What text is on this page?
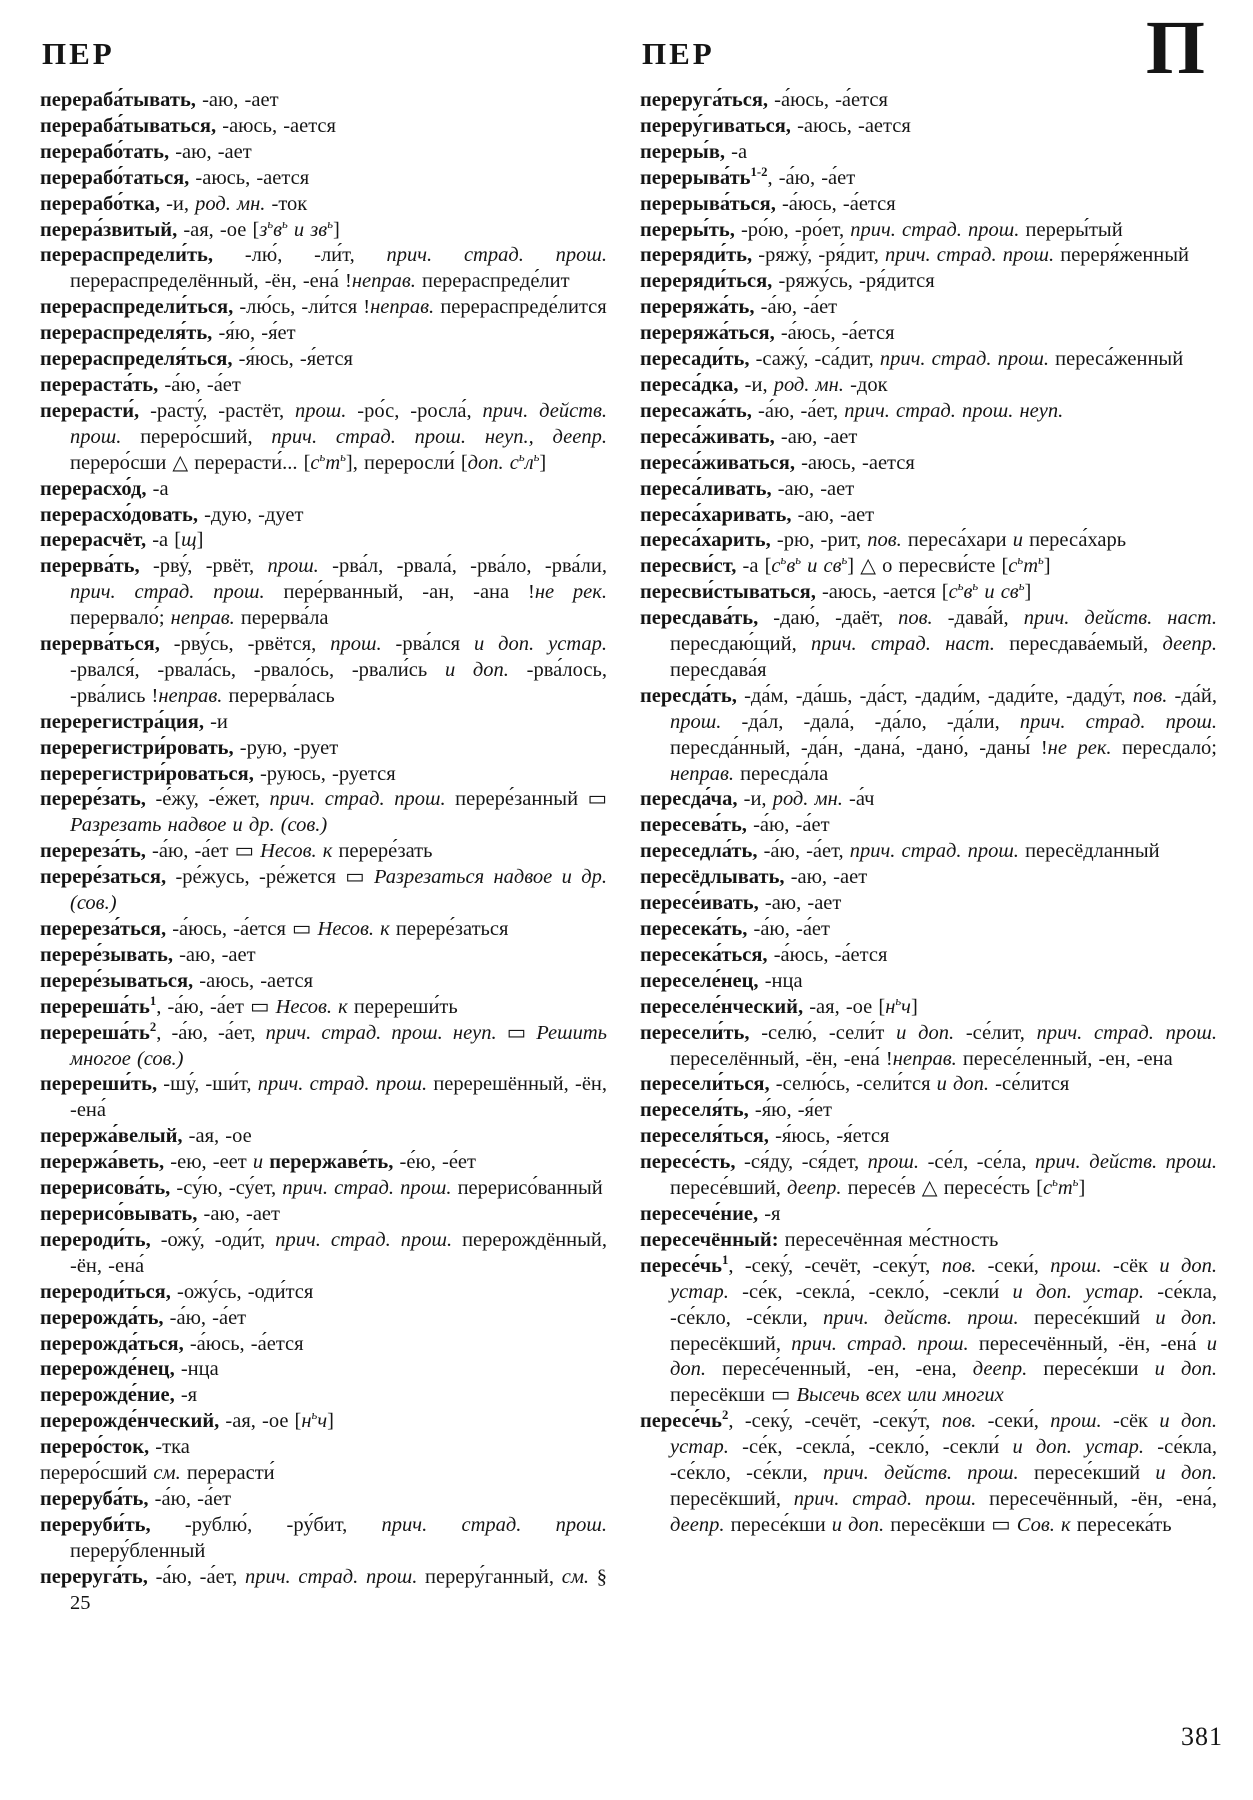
ПЕР	ПЕР	П

перераба́тывать, -аю, -ает

перераба́тываться, -аюсь, -ается

перерабо́тать, -аю, -ает

перерабо́таться, -аюсь, -ается

перерабо́тка, -и, род. мн. -ток

перера́звитый, -ая, -ое [$з^ьв^ь$ и $зв^ь$]

перераспредели́ть, -лю́, -ли́т, прич. страд. прош. перераспределённый, -ён, -ена́ !неправ. перераспреде́лит

перераспредели́ться, -лю́сь, -ли́тся !неправ. перераспреде́лится

перераспределя́ть, -я́ю, -я́ет

перераспределя́ться, -я́юсь, -я́ется

перераста́ть, -а́ю, -а́ет

перерасти́, -расту́, -растёт, прош. -ро́с, -росла́, прич. действ. прош. переро́сший, прич. страд. прош. неуп., деепр. переро́сши △ перерасти́... $[с^ьт^ь]$, переросли́ [доп. $с^ьл^ь$]

перерасхо́д, -а

перерасхо́довать, -дую, -дует

перерасчёт, -а [щ]

перерва́ть, -рву́, -рвёт, прош. -рва́л, -рвала́, -рва́ло, -рва́ли, прич. страд. прош. пере́рванный, -ан, -ана !не рек. перервало́; неправ. перерва́ла

перерва́ться, -рву́сь, -рвётся, прош. -рва́лся и доп. устар. -рвался́, -рвала́сь, -рвало́сь, -рвали́сь и доп. -рва́лось, -рва́лись !неправ. перерва́лась

перерегистра́ция, -и

перерегистри́ровать, -рую, -рует

перерегистри́роваться, -руюсь, -руется

перере́зать, -е́жу, -е́жет, прич. страд. прош. перере́занный ▭ Разрезать надвое и др. (сов.)

перереза́ть, -а́ю, -а́ет ▭ Несов. к перере́зать

перере́заться, -ре́жусь, -ре́жется ▭ Разрезаться надвое и др. (сов.)

перереза́ться, -а́юсь, -а́ется ▭ Несов. к перере́заться

перере́зывать, -аю, -ает

перере́зываться, -аюсь, -ается

$перереша́ть^1$, -а́ю, -а́ет ▭ Несов. к перереши́ть

$перереша́ть^2$, -а́ю, -а́ет, прич. страд. прош. неуп. ▭ Решить многое (сов.)

перереши́ть, -шу́, -ши́т, прич. страд. прош. перерешённый, -ён, -ена́

перержа́велый, -ая, -ое

перержа́веть, -ею, -еет и перержаве́ть, -е́ю, -е́ет

перерисова́ть, -су́ю, -су́ет, прич. страд. прош. перерисо́ванный

перерисо́вывать, -аю, -ает

перероди́ть, -ожу́, -оди́т, прич. страд. прош. перерождённый, -ён, -ена́

перероди́ться, -ожу́сь, -оди́тся

перерожда́ть, -а́ю, -а́ет

перерожда́ться, -а́юсь, -а́ется

перерожде́нец, -нца

перерожде́ние, -я

перерожде́нческий, -ая, -ое $[н^ьч]$

переро́сток, -тка

переро́сший см. перерасти́

переруба́ть, -а́ю, -а́ет

переруби́ть, -рублю́, -ру́бит, прич. страд. прош. переру́бленный

переруга́ть, -а́ю, -а́ет, прич. страд. прош. переру́ганный, см. § 25

переруга́ться, -а́юсь, -а́ется

переру́гиваться, -аюсь, -ается

переры́в, -а

$перерыва́ть^{1-2}$, -а́ю, -а́ет

перерыва́ться, -а́юсь, -а́ется

переры́ть, -ро́ю, -ро́ет, прич. страд. прош. переры́тый

переряди́ть, -ряжу́, -ря́дит, прич. страд. прош. переря́женный

переряди́ться, -ряжу́сь, -ря́дится

переряжа́ть, -а́ю, -а́ет

переряжа́ться, -а́юсь, -а́ется

пересади́ть, -сажу́, -са́дит, прич. страд. прош. переса́женный

переса́дка, -и, род. мн. -док

пересажа́ть, -а́ю, -а́ет, прич. страд. прош. неуп.

переса́живать, -аю, -ает

переса́живаться, -аюсь, -ается

переса́ливать, -аю, -ает

переса́харивать, -аю, -ает

переса́харить, -рю, -рит, пов. переса́хари и переса́харь

пересви́ст, -а [$с^ьв^ь$ и $св^ь$] △ о пересви́сте $[с^ьт^ь]$

пересви́стываться, -аюсь, -ается [$с^ьв^ь$ и $св^ь$]

пересдава́ть, -даю́, -даёт, пов. -дава́й, прич. действ. наст. пересдаю́щий, прич. страд. наст. пересдава́емый, деепр. пересдава́я

пересда́ть, -да́м, -да́шь, -да́ст, -дади́м, -дади́те, -даду́т, пов. -да́й, прош. -да́л, -дала́, -да́ло, -да́ли, прич. страд. прош. пересда́нный, -да́н, -дана́, -дано́, -даны́ !не рек. пересдало́; неправ. пересда́ла

пересда́ча, -и, род. мн. -а́ч

пересева́ть, -а́ю, -а́ет

переседла́ть, -а́ю, -а́ет, прич. страд. прош. пересёдланный

пересёдлывать, -аю, -ает

пересе́ивать, -аю, -ает

пересека́ть, -а́ю, -а́ет

пересека́ться, -а́юсь, -а́ется

переселе́нец, -нца

переселе́нческий, -ая, -ое $[н^ьч]$

пересели́ть, -селю́, -сели́т и доп. -се́лит, прич. страд. прош. переселённый, -ён, -ена́ !неправ. пересе́ленный, -ен, -ена

пересели́ться, -селю́сь, -сели́тся и доп. -се́лится

переселя́ть, -я́ю, -я́ет

переселя́ться, -я́юсь, -я́ется

пересе́сть, -ся́ду, -ся́дет, прош. -се́л, -се́ла, прич. действ. прош. пересе́вший, деепр. пересе́в △ пересе́сть $[с^ьт^ь]$

пересече́ние, -я

пересечённый: пересечённая ме́стность

$пересе́чь^1$, -секу́, -сечёт, -секу́т, пов. -секи́, прош. -сёк и доп. устар. -се́к, -секла́, -секло́, -секли́ и доп. устар. -се́кла, -се́кло, -се́кли, прич. действ. прош. пересе́кший и доп. пересёкший, прич. страд. прош. пересечённый, -ён, -ена́ и доп. пересе́ченный, -ен, -ена, деепр. пересе́кши и доп. пересёкши ▭ Высечь всех или многих

$пересе́чь^2$, -секу́, -сечёт, -секу́т, пов. -секи́, прош. -сёк и доп. устар. -се́к, -секла́, -секло́, -секли́ и доп. устар. -се́кла, -се́кло, -се́кли, прич. действ. прош. пересе́кший и доп. пересёкший, прич. страд. прош. пересечённый, -ён, -ена́, деепр. пересе́кши и доп. пересёкши ▭ Сов. к пересека́ть

381
